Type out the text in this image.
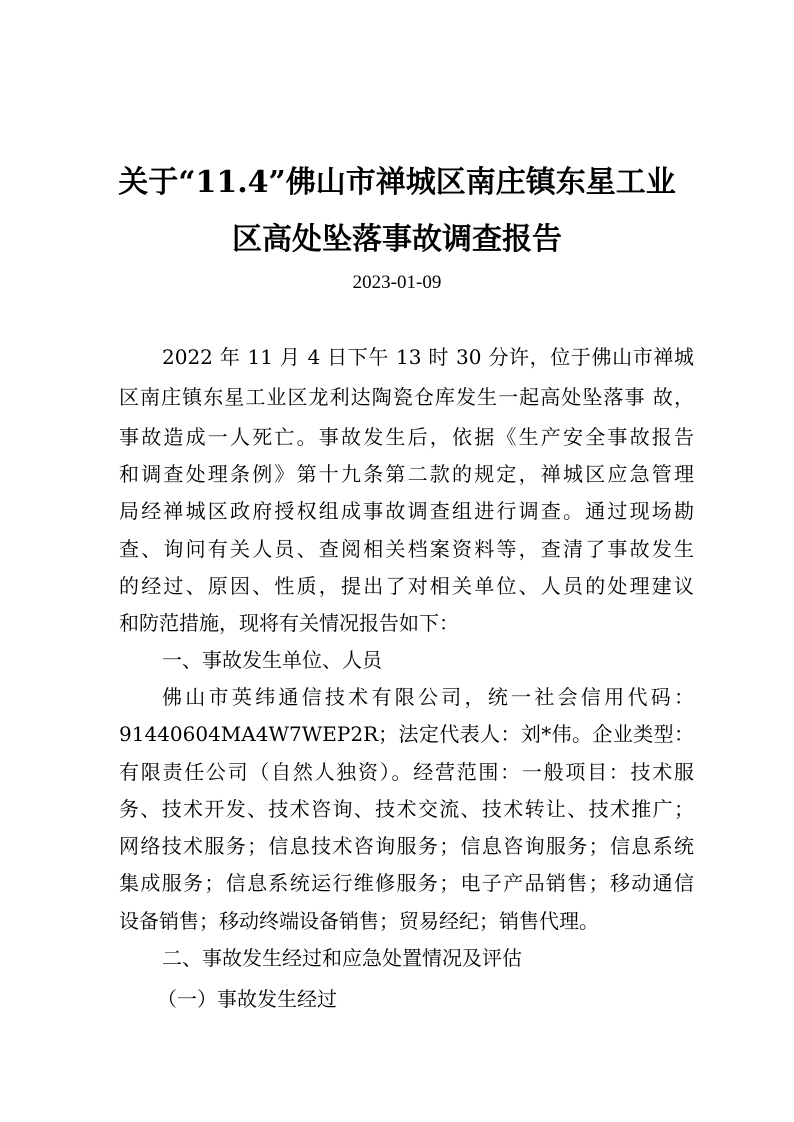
关于“11.4”佛山市禅城区南庄镇东星工业
区高处坠落事故调查报告
2023-01-09
2022 年 11 月 4 日下午 13 时 30 分许，位于佛山市禅城
区南庄镇东星工业区龙利达陶瓷仓库发生一起高处坠落事 故，
事故造成一人死亡。事故发生后，依据《生产安全事故报告
和调查处理条例》第十九条第二款的规定，禅城区应急管理
局经禅城区政府授权组成事故调查组进行调查。通过现场勘
查、询问有关人员、查阅相关档案资料等，查清了事故发生
的经过、原因、性质，提出了对相关单位、人员的处理建议
和防范措施，现将有关情况报告如下：
一、事故发生单位、人员
佛山市英纬通信技术有限公司，统一社会信用代码：
91440604MA4W7WEP2R；法定代表人：刘*伟。企业类型：
有限责任公司（自然人独资）。经营范围：一般项目：技术服
务、技术开发、技术咨询、技术交流、技术转让、技术推广；
网络技术服务；信息技术咨询服务；信息咨询服务；信息系统
集成服务；信息系统运行维修服务；电子产品销售；移动通信
设备销售；移动终端设备销售；贸易经纪；销售代理。
二、事故发生经过和应急处置情况及评估
（一）事故发生经过
